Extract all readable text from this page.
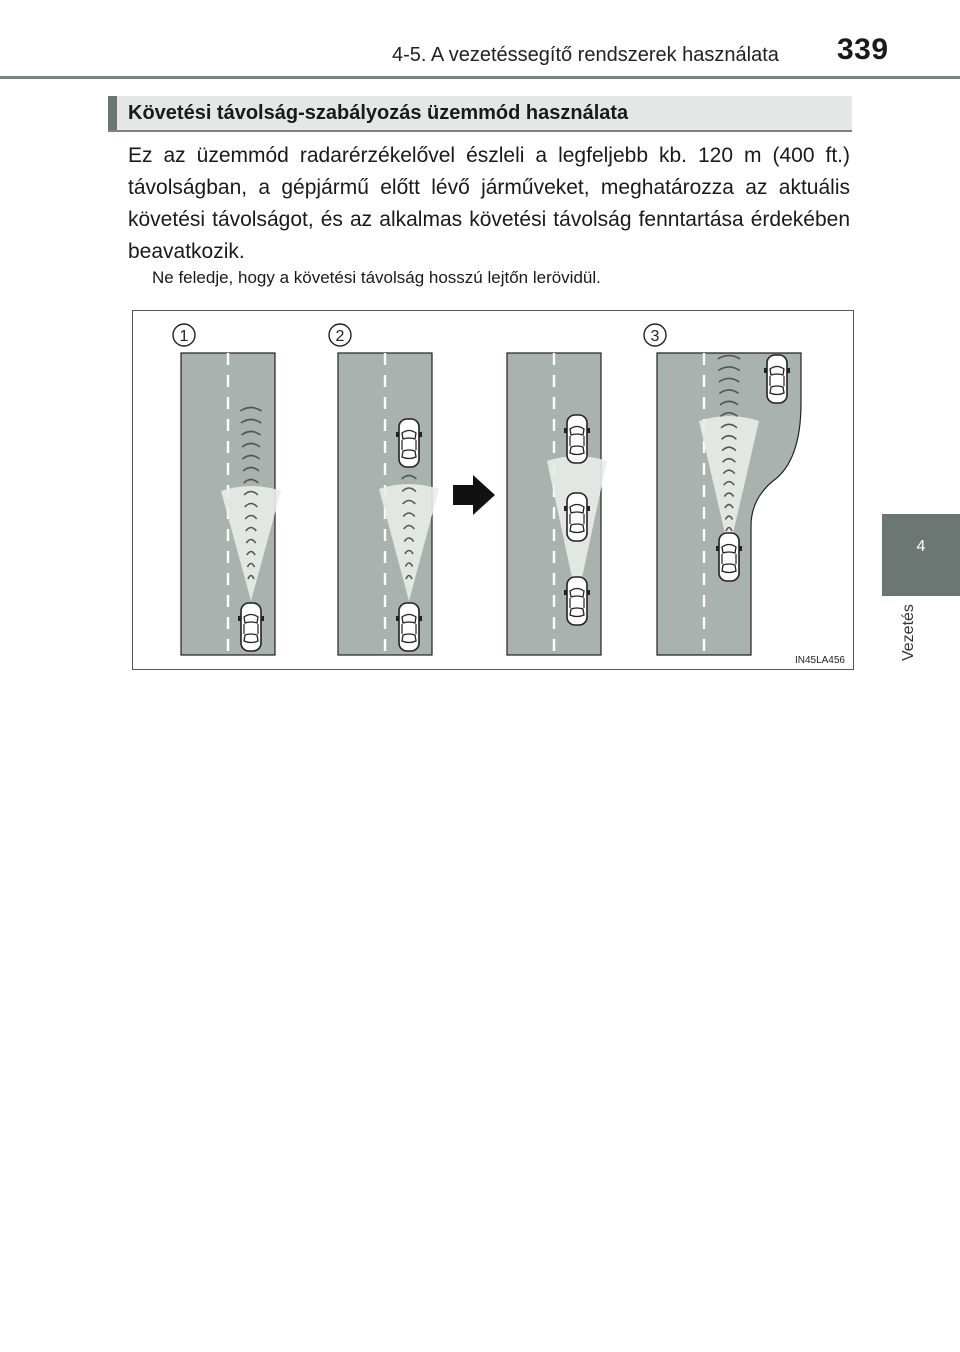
4-5. A vezetéssegítő rendszerek használata 339
4
Vezetés
Követési távolság-szabályozás üzemmód használata
Ez az üzemmód radarérzékelővel észleli a legfeljebb kb. 120 m (400 ft.) távolságban, a gépjármű előtt lévő járműveket, meghatározza az aktuális követési távolságot, és az alkalmas követési távolság fenntartása érdekében beavatkozik.
Ne feledje, hogy a követési távolság hosszú lejtőn lerövidül.
1	2	3
IN45LA456
